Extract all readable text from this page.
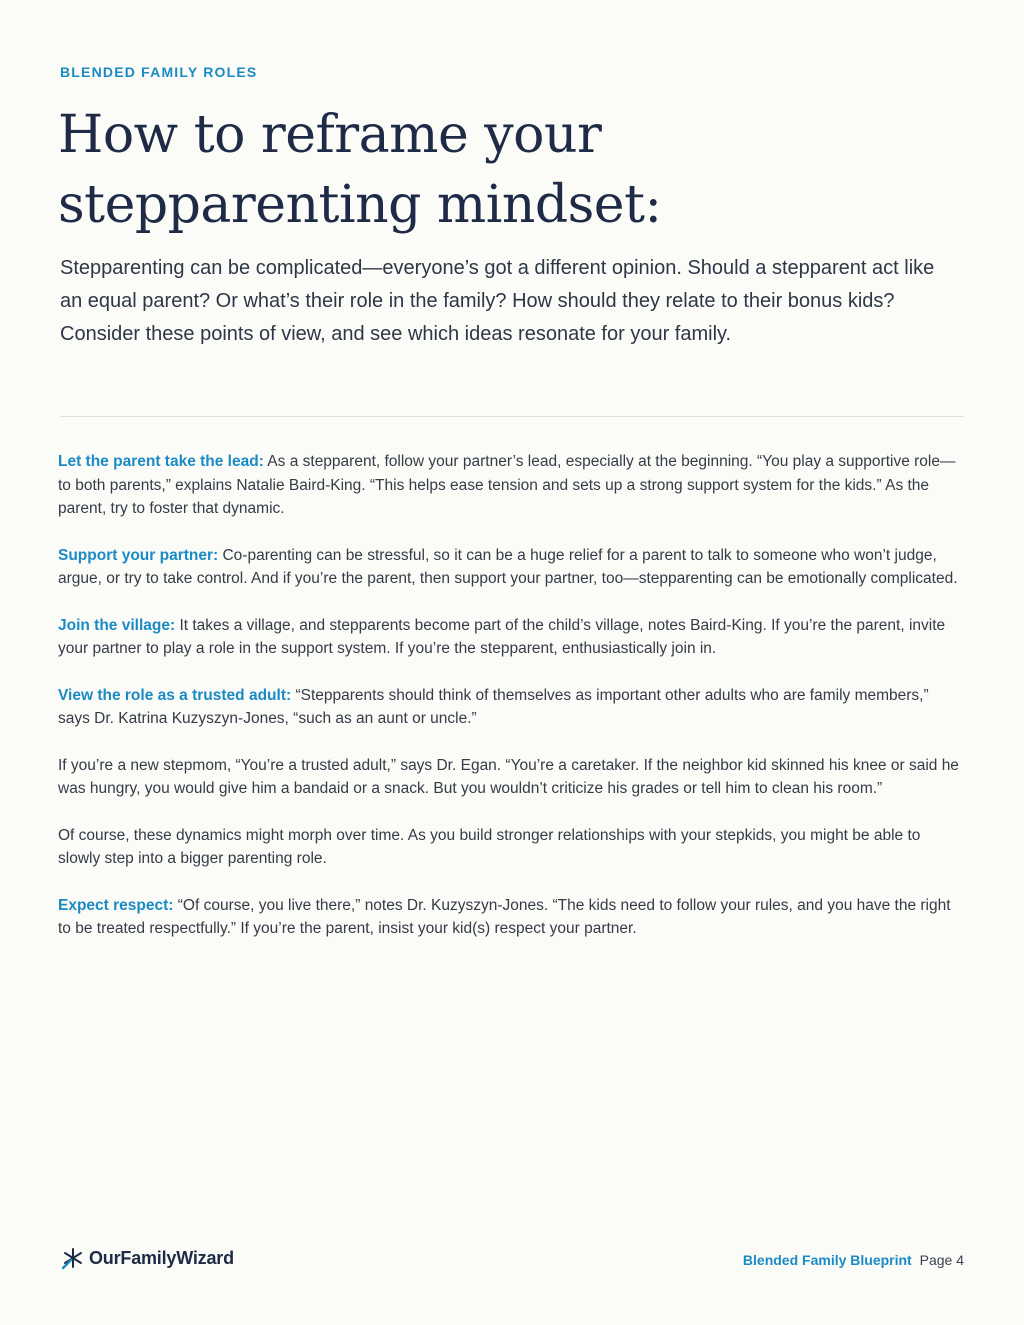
BLENDED FAMILY ROLES
How to reframe your stepparenting mindset:

Stepparenting can be complicated—everyone’s got a different opinion. Should a stepparent act like an equal parent? Or what’s their role in the family? How should they relate to their bonus kids? Consider these points of view, and see which ideas resonate for your family.

Let the parent take the lead: As a stepparent, follow your partner’s lead, especially at the beginning. “You play a supportive role—to both parents,” explains Natalie Baird-King. “This helps ease tension and sets up a strong support system for the kids.” As the parent, try to foster that dynamic.

Support your partner: Co-parenting can be stressful, so it can be a huge relief for a parent to talk to someone who won’t judge, argue, or try to take control. And if you’re the parent, then support your partner, too—stepparenting can be emotionally complicated.

Join the village: It takes a village, and stepparents become part of the child’s village, notes Baird-King. If you’re the parent, invite your partner to play a role in the support system. If you’re the stepparent, enthusiastically join in.

View the role as a trusted adult: “Stepparents should think of themselves as important other adults who are family members,” says Dr. Katrina Kuzyszyn-Jones, “such as an aunt or uncle.”

If you’re a new stepmom, “You’re a trusted adult,” says Dr. Egan. “You’re a caretaker. If the neighbor kid skinned his knee or said he was hungry, you would give him a bandaid or a snack. But you wouldn’t criticize his grades or tell him to clean his room.”

Of course, these dynamics might morph over time. As you build stronger relationships with your stepkids, you might be able to slowly step into a bigger parenting role.

Expect respect: “Of course, you live there,” notes Dr. Kuzyszyn-Jones. “The kids need to follow your rules, and you have the right to be treated respectfully.” If you’re the parent, insist your kid(s) respect your partner.

OurFamilyWizard	Blended Family Blueprint Page 4
